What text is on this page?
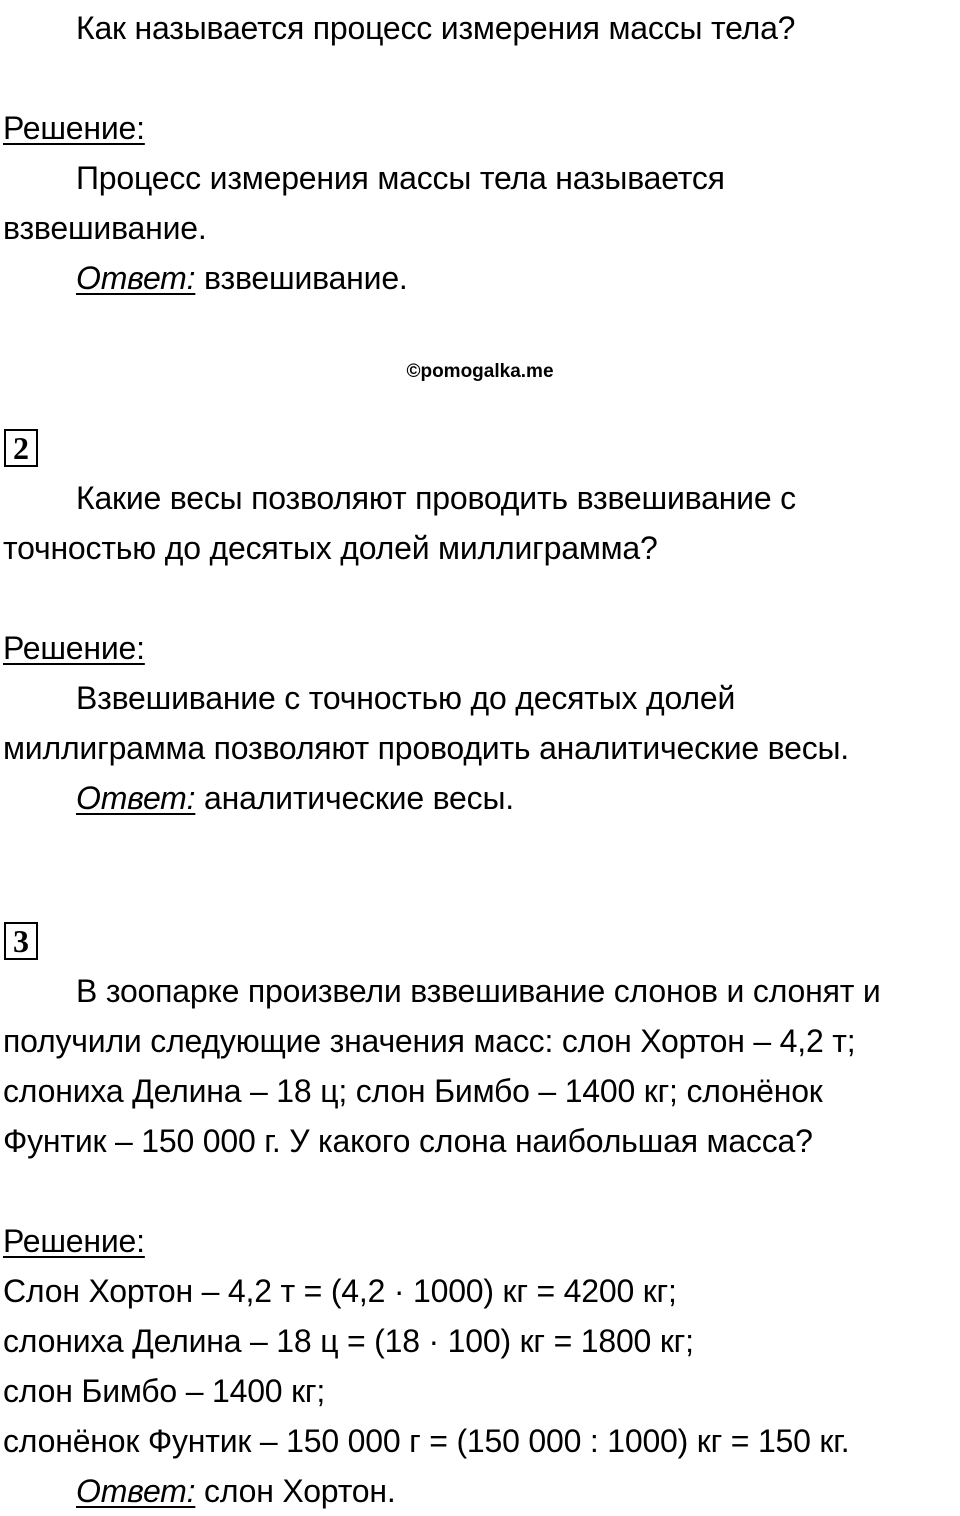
Как называется процесс измерения массы тела?
Решение:
Процесс измерения массы тела называется
взвешивание.
Ответ: взвешивание.
©pomogalka.me
2
Какие весы позволяют проводить взвешивание с
точностью до десятых долей миллиграмма?
Решение:
Взвешивание с точностью до десятых долей
миллиграмма позволяют проводить аналитические весы.
Ответ: аналитические весы.
3
В зоопарке произвели взвешивание слонов и слонят и
получили следующие значения масс: слон Хортон – 4,2 т;
слониха Делина – 18 ц; слон Бимбо – 1400 кг; слонёнок
Фунтик – 150 000 г. У какого слона наибольшая масса?
Решение:
Слон Хортон – 4,2 т = (4,2 · 1000) кг = 4200 кг;
слониха Делина – 18 ц = (18 · 100) кг = 1800 кг;
слон Бимбо – 1400 кг;
слонёнок Фунтик – 150 000 г = (150 000 : 1000) кг = 150 кг.
Ответ: слон Хортон.
